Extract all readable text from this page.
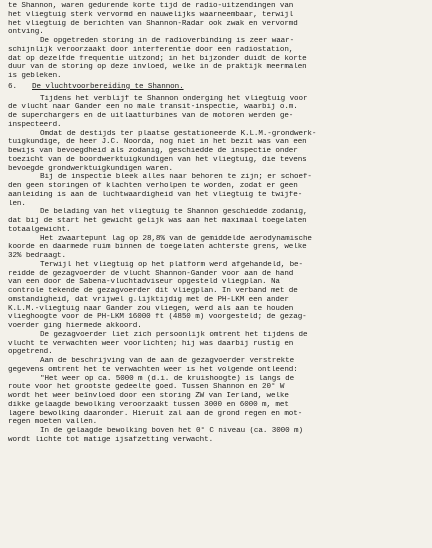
te Shannon, waren gedurende korte tijd de radio-uitzendingen van
het vliegtuig sterk vervormd en nauwelijks waarneembaar, terwijl
het vliegtuig de berichten van Shannon-Radar ook zwak en vervormd
ontving.
De opgetreden storing in de radioverbinding is zeer waar-
schijnlijk veroorzaakt door interferentie door een radiostation,
dat op dezelfde frequentie uitzond; in het bijzonder duidt de korte
duur van de storing op deze invloed, welke in de praktijk meermalen
is gebleken.
6. De vluchtvoorbereiding te Shannon.
Tijdens het verblijf te Shannon onderging het vliegtuig voor
de vlucht naar Gander een no male transit-inspectie, waarbij o.m.
de superchargers en de uitlaatturbines van de motoren werden ge-
inspecteerd.
Omdat de destijds ter plaatse gestationeerde K.L.M.-grondwerk-
tuigkundige, de heer J.C. Noorda, nog niet in het bezit was van een
bewijs van bevoegdheid als zodanig, geschiedde de inspectie onder
toezicht van de boordwerktuigkundigen van het vliegtuig, die tevens
bevoegde grondwerktuigkundigen waren.
Bij de inspectie bleek alles naar behoren te zijn; er schoef-
den geen storingen of klachten verholpen te worden, zodat er geen
aanleiding is aan de luchtwaardigheid van het vliegtuig te twijfe-
len.
De belading van het vliegtuig te Shannon geschiedde zodanig,
dat bij de start het gewicht gelijk was aan het maximaal toegelaten
totaalgewicht.
Het zwaartepunt lag op 28,8% van de gemiddelde aerodynamische
koorde en daarmede ruim binnen de toegelaten achterste grens, welke
32% bedraagt.
Terwijl het vliegtuig op het platform werd afgehandeld, be-
reidde de gezagvoerder de vlucht Shannon-Gander voor aan de hand
van een door de Sabena-vluchtadviseur opgesteld vliegplan. Na
controle tekende de gezagvoerder dit vliegplan. In verband met de
omstandigheid, dat vrijwel g.lijktijdig met de PH-LKM een ander
K.L.M.-vliegtuig naar Gander zou vliegen, werd als aan te houden
vlieghoogte voor de PH-LKM 16000 ft (4850 m) voorgesteld; de gezag-
voerder ging hiermede akkoord.
De gezagvoerder liet zich persoonlijk omtrent het tijdens de
vlucht te verwachten weer voorlichten; hij was daarbij rustig en
opgetrend.
Aan de beschrijving van de aan de gezagvoerder verstrekte
gegevens omtrent het te verwachten weer is het volgende ontleend:
"Het weer op ca. 5000 m (d.i. de kruishoogte) is langs de
route voor het grootste gedeelte goed. Tussen Shannon en 20° W
wordt het weer beïnvloed door een storing ZW van Ierland, welke
dikke gelaagde bewolking veroorzaakt tussen 3000 en 6000 m, met
lagere bewolking daaronder. Hieruit zal aan de grond regen en mot-
regen moeten vallen.
In de gelaagde bewolking boven het 0° C niveau (ca. 3000 m)
wordt lichte tot matige ijsafzetting verwacht.
